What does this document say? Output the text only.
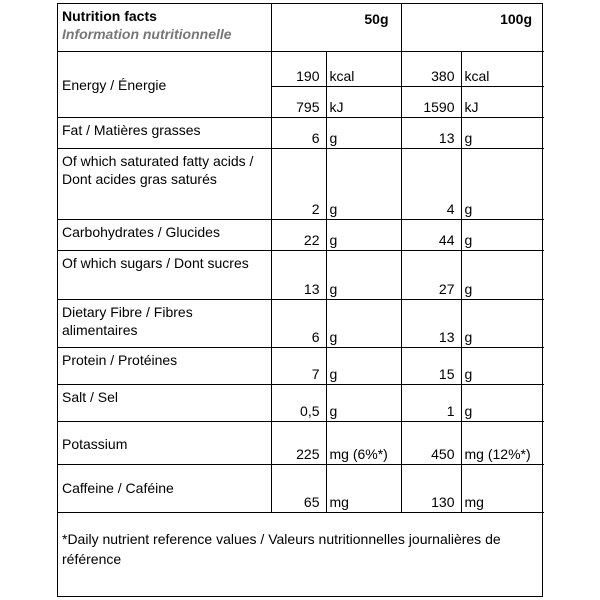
Nutrition facts
Information nutritionnelle	50g		100g	
Energy / Énergie	190	kcal	380	kcal
	795	kJ	1590	kJ
Fat / Matières grasses	6	g	13	g
Of which saturated fatty acids / Dont acides gras saturés	2	g	4	g
Carbohydrates / Glucides	22	g	44	g
Of which sugars / Dont sucres	13	g	27	g
Dietary Fibre / Fibres alimentaires	6	g	13	g
Protein / Protéines	7	g	15	g
Salt / Sel	0,5	g	1	g
Potassium	225	mg (6%*)	450	mg (12%*)
Caffeine / Caféine	65	mg	130	mg
*Daily nutrient reference values / Valeurs nutritionnelles journalières de référence				
